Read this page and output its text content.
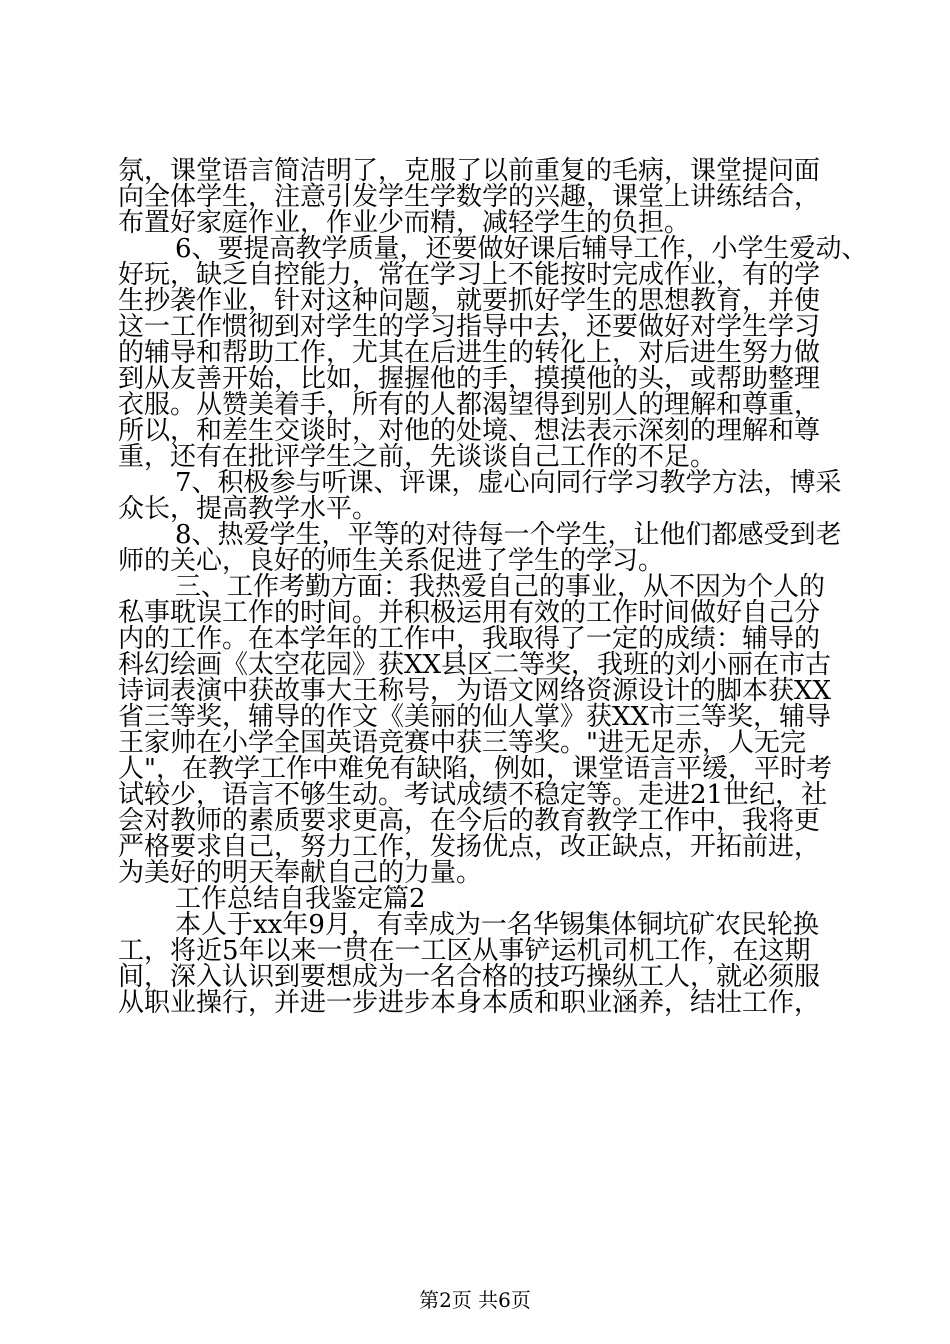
氛，课堂语言简洁明了，克服了以前重复的毛病，课堂提问面
向全体学生，注意引发学生学数学的兴趣，课堂上讲练结合，
布置好家庭作业，作业少而精，减轻学生的负担。
6、要提高教学质量，还要做好课后辅导工作，小学生爱动、
好玩，缺乏自控能力，常在学习上不能按时完成作业，有的学
生抄袭作业，针对这种问题，就要抓好学生的思想教育，并使
这一工作惯彻到对学生的学习指导中去，还要做好对学生学习
的辅导和帮助工作，尤其在后进生的转化上，对后进生努力做
到从友善开始，比如，握握他的手，摸摸他的头，或帮助整理
衣服。从赞美着手，所有的人都渴望得到别人的理解和尊重，
所以，和差生交谈时，对他的处境、想法表示深刻的理解和尊
重，还有在批评学生之前，先谈谈自己工作的不足。
7、积极参与听课、评课，虚心向同行学习教学方法，博采
众长，提高教学水平。
8、热爱学生，平等的对待每一个学生，让他们都感受到老
师的关心，良好的师生关系促进了学生的学习。
三、工作考勤方面：我热爱自己的事业，从不因为个人的
私事耽误工作的时间。并积极运用有效的工作时间做好自己分
内的工作。在本学年的工作中，我取得了一定的成绩：辅导的
科幻绘画《太空花园》获XX县区二等奖，我班的刘小丽在市古
诗词表演中获故事大王称号，为语文网络资源设计的脚本获XX
省三等奖，辅导的作文《美丽的仙人掌》获XX市三等奖，辅导
王家帅在小学全国英语竞赛中获三等奖。"进无足赤，人无完
人"，在教学工作中难免有缺陷，例如，课堂语言平缓，平时考
试较少，语言不够生动。考试成绩不稳定等。走进21世纪，社
会对教师的素质要求更高，在今后的教育教学工作中，我将更
严格要求自己，努力工作，发扬优点，改正缺点，开拓前进，
为美好的明天奉献自己的力量。
工作总结自我鉴定篇2
本人于xx年9月，有幸成为一名华锡集体铜坑矿农民轮换
工，将近5年以来一贯在一工区从事铲运机司机工作，在这期
间，深入认识到要想成为一名合格的技巧操纵工人，就必须服
从职业操行，并进一步进步本身本质和职业涵养，结壮工作，
第2页 共6页
